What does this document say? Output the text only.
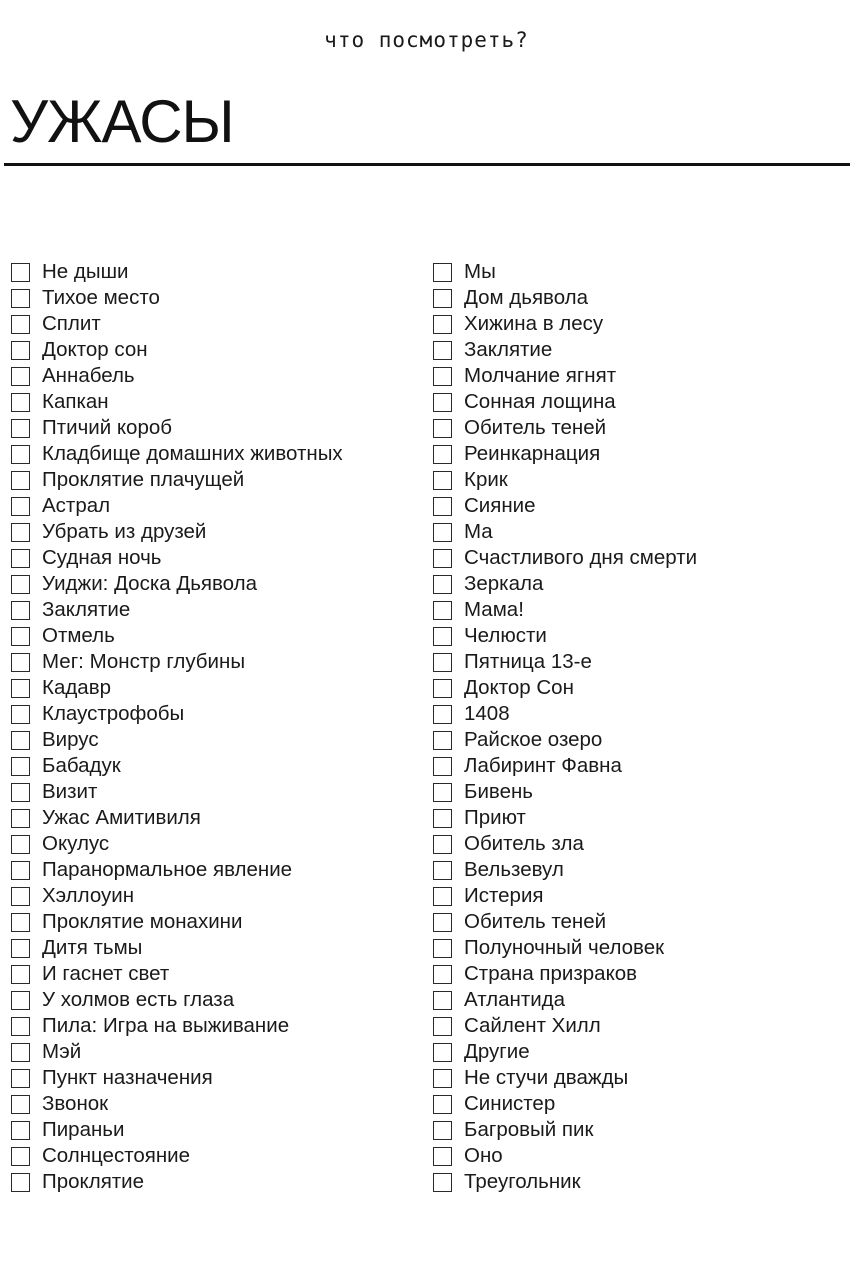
что посмотреть?
УЖАСЫ
Не дыши
Тихое место
Сплит
Доктор сон
Аннабель
Капкан
Птичий короб
Кладбище домашних животных
Проклятие плачущей
Астрал
Убрать из друзей
Судная ночь
Уиджи: Доска Дьявола
Заклятие
Отмель
Мег: Монстр глубины
Кадавр
Клаустрофобы
Вирус
Бабадук
Визит
Ужас Амитивиля
Окулус
Паранормальное явление
Хэллоуин
Проклятие монахини
Дитя тьмы
И гаснет свет
У холмов есть глаза
Пила: Игра на выживание
Мэй
Пункт назначения
Звонок
Пираньи
Солнцестояние
Проклятие
Мы
Дом дьявола
Хижина в лесу
Заклятие
Молчание ягнят
Сонная лощина
Обитель теней
Реинкарнация
Крик
Сияние
Ма
Счастливого дня смерти
Зеркала
Мама!
Челюсти
Пятница 13-е
Доктор Сон
1408
Райское озеро
Лабиринт Фавна
Бивень
Приют
Обитель зла
Вельзевул
Истерия
Обитель теней
Полуночный человек
Страна призраков
Атлантида
Сайлент Хилл
Другие
Не стучи дважды
Синистер
Багровый пик
Оно
Треугольник
